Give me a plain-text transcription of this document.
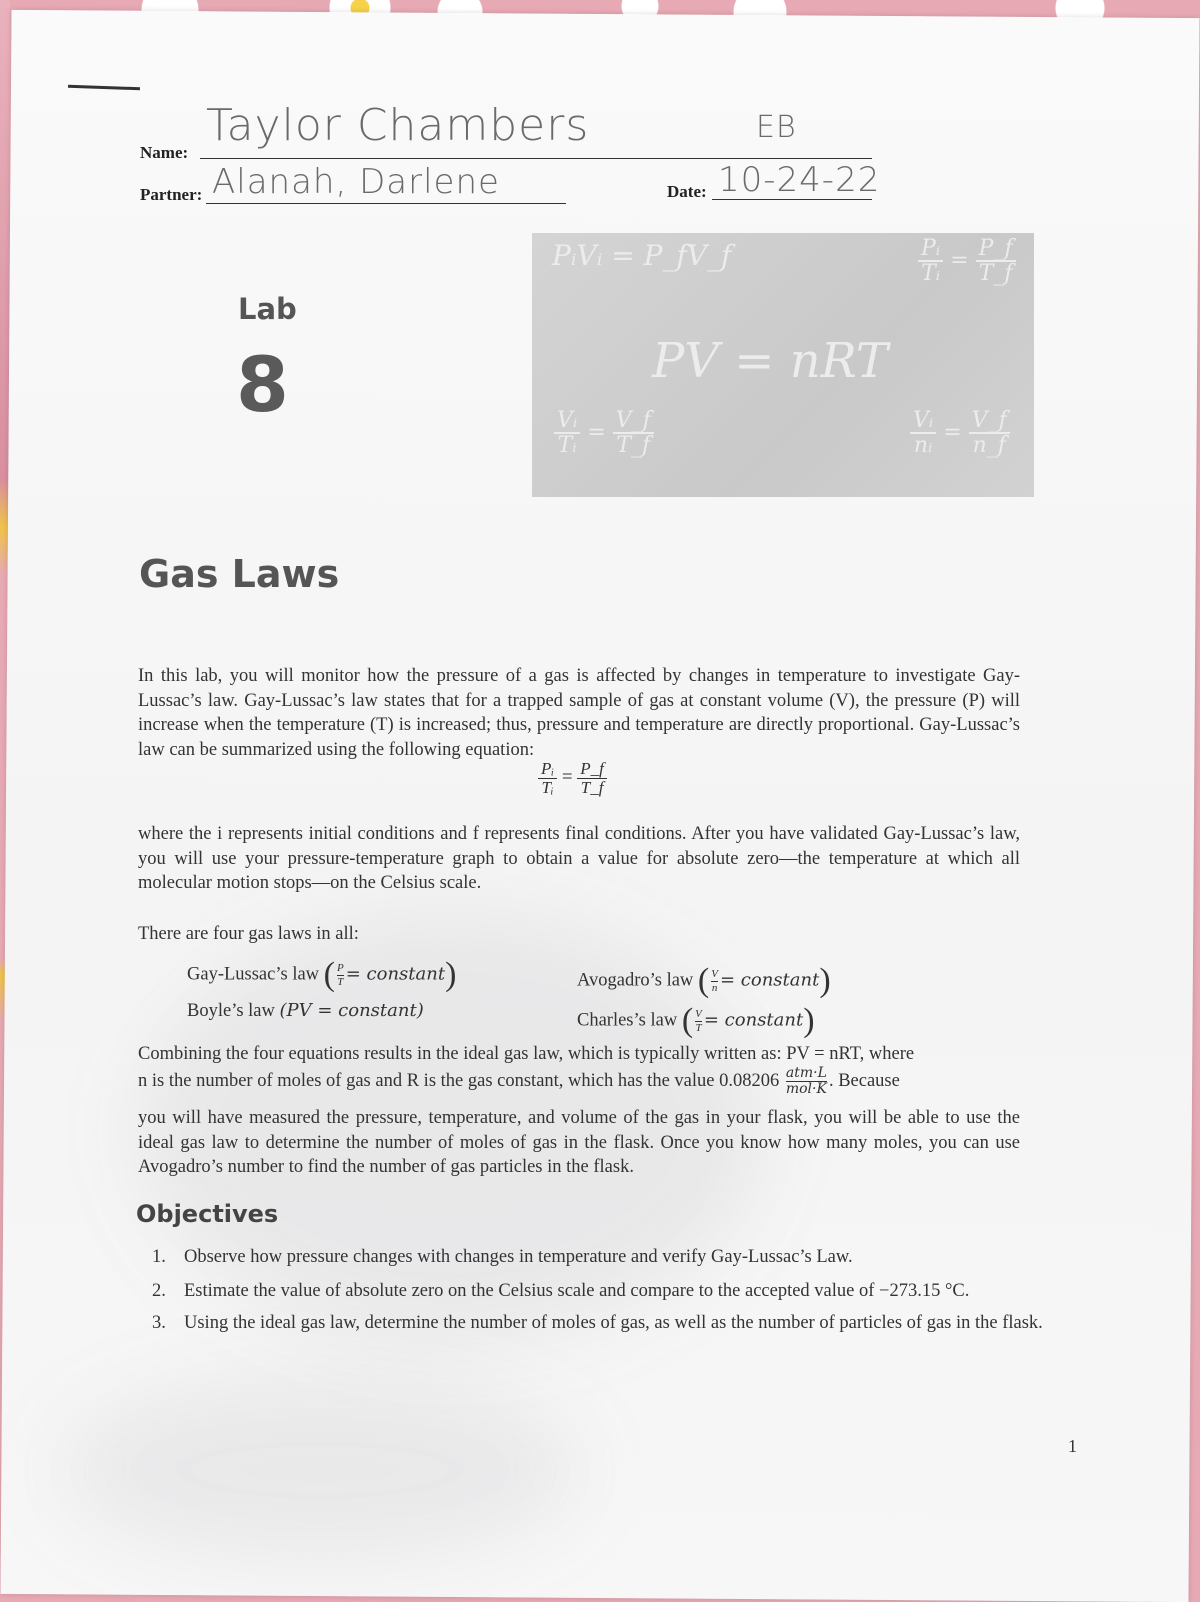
Name:
Taylor Chambers	EB
Partner: Alanah, Darlene	Date: 10-24-22
Lab
8
PᵢVᵢ = P_fV_f
PV = nRT
$\frac{\text{Pᵢ}}{\text{Tᵢ}} = \frac{P\_f}{T\_f}$
$\frac{\text{Vᵢ}}{\text{Tᵢ}} = \frac{V\_f}{T\_f}$	$\frac{\text{Vᵢ}}{\text{nᵢ}} = \frac{V\_f}{n\_f}$
Gas Laws
In this lab, you will monitor how the pressure of a gas is affected by changes in temperature to investigate Gay-Lussac’s law. Gay-Lussac’s law states that for a trapped sample of gas at constant volume (V), the pressure (P) will increase when the temperature (T) is increased; thus, pressure and temperature are directly proportional. Gay-Lussac’s law can be summarized using the following equation:
$\frac{\text{Pᵢ}}{\text{Tᵢ}} = \frac{P\_f}{T\_f}$
where the i represents initial conditions and f represents final conditions. After you have validated Gay-Lussac’s law, you will use your pressure-temperature graph to obtain a value for absolute zero—the temperature at which all molecular motion stops—on the Celsius scale.
There are four gas laws in all:
Gay-Lussac’s law ( $\frac{P}{T}$ = constant)	Avogadro’s law ( $\frac{V}{n}$ = constant)
Boyle’s law (PV = constant)	Charles’s law ( $\frac{V}{T}$ = constant)
Combining the four equations results in the ideal gas law, which is typically written as: PV = nRT, where
n is the number of moles of gas and R is the gas constant, which has the value $0.08206 \frac{\text{atm·L}}{\text{mol·K}}$ . Because
you will have measured the pressure, temperature, and volume of the gas in your flask, you will be able to use the ideal gas law to determine the number of moles of gas in the flask. Once you know how many moles, you can use Avogadro’s number to find the number of gas particles in the flask.
Objectives
1. Observe how pressure changes with changes in temperature and verify Gay-Lussac’s Law.
2. Estimate the value of absolute zero on the Celsius scale and compare to the accepted value of −273.15 °C.
3. Using the ideal gas law, determine the number of moles of gas, as well as the number of particles of gas in the flask.
1
